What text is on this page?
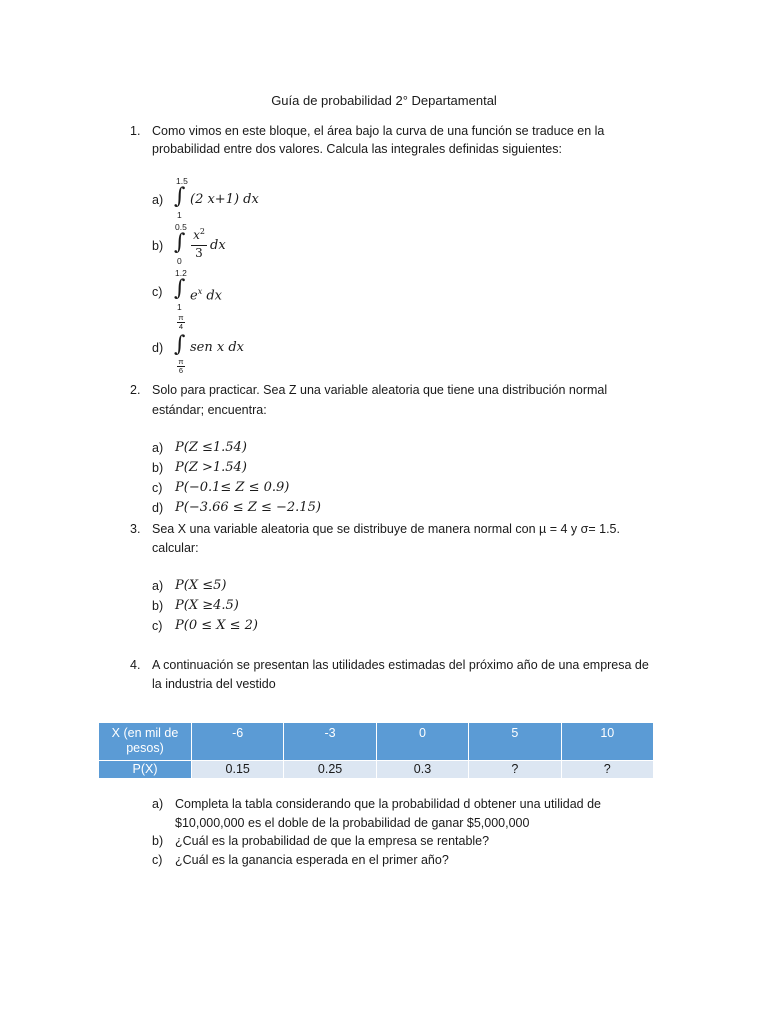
Guía de probabilidad 2° Departamental
1. Como vimos en este bloque, el área bajo la curva de una función se traduce en la
probabilidad entre dos valores. Calcula las integrales definidas siguientes:
a)
1.5
∫
1
(2 x+1) dx
b)
0.5
∫
0
$x^2$
3 dx
c)
1.2
∫
1
$e^x$ dx
d)
π
4
∫
π
6
sen x dx
2. Solo para practicar. Sea Z una variable aleatoria que tiene una distribución normal
estándar; encuentra:
a) P(Z ≤1.54)
b) P(Z >1.54)
c) P(−0.1≤ Z ≤ 0.9)
d) P(−3.66 ≤ Z ≤ −2.15)
3. Sea X una variable aleatoria que se distribuye de manera normal con µ = 4 y σ= 1.5.
calcular:
a) P(X ≤5)
b) P(X ≥4.5)
c) P(0 ≤ X ≤ 2)
4. A continuación se presentan las utilidades estimadas del próximo año de una empresa de
la industria del vestido
X (en mil de
pesos)	-6	-3	0	5	10
P(X)	0.15	0.25	0.3	?	?
a) Completa la tabla considerando que la probabilidad d obtener una utilidad de
$10,000,000 es el doble de la probabilidad de ganar $5,000,000
b) ¿Cuál es la probabilidad de que la empresa se rentable?
c) ¿Cuál es la ganancia esperada en el primer año?
